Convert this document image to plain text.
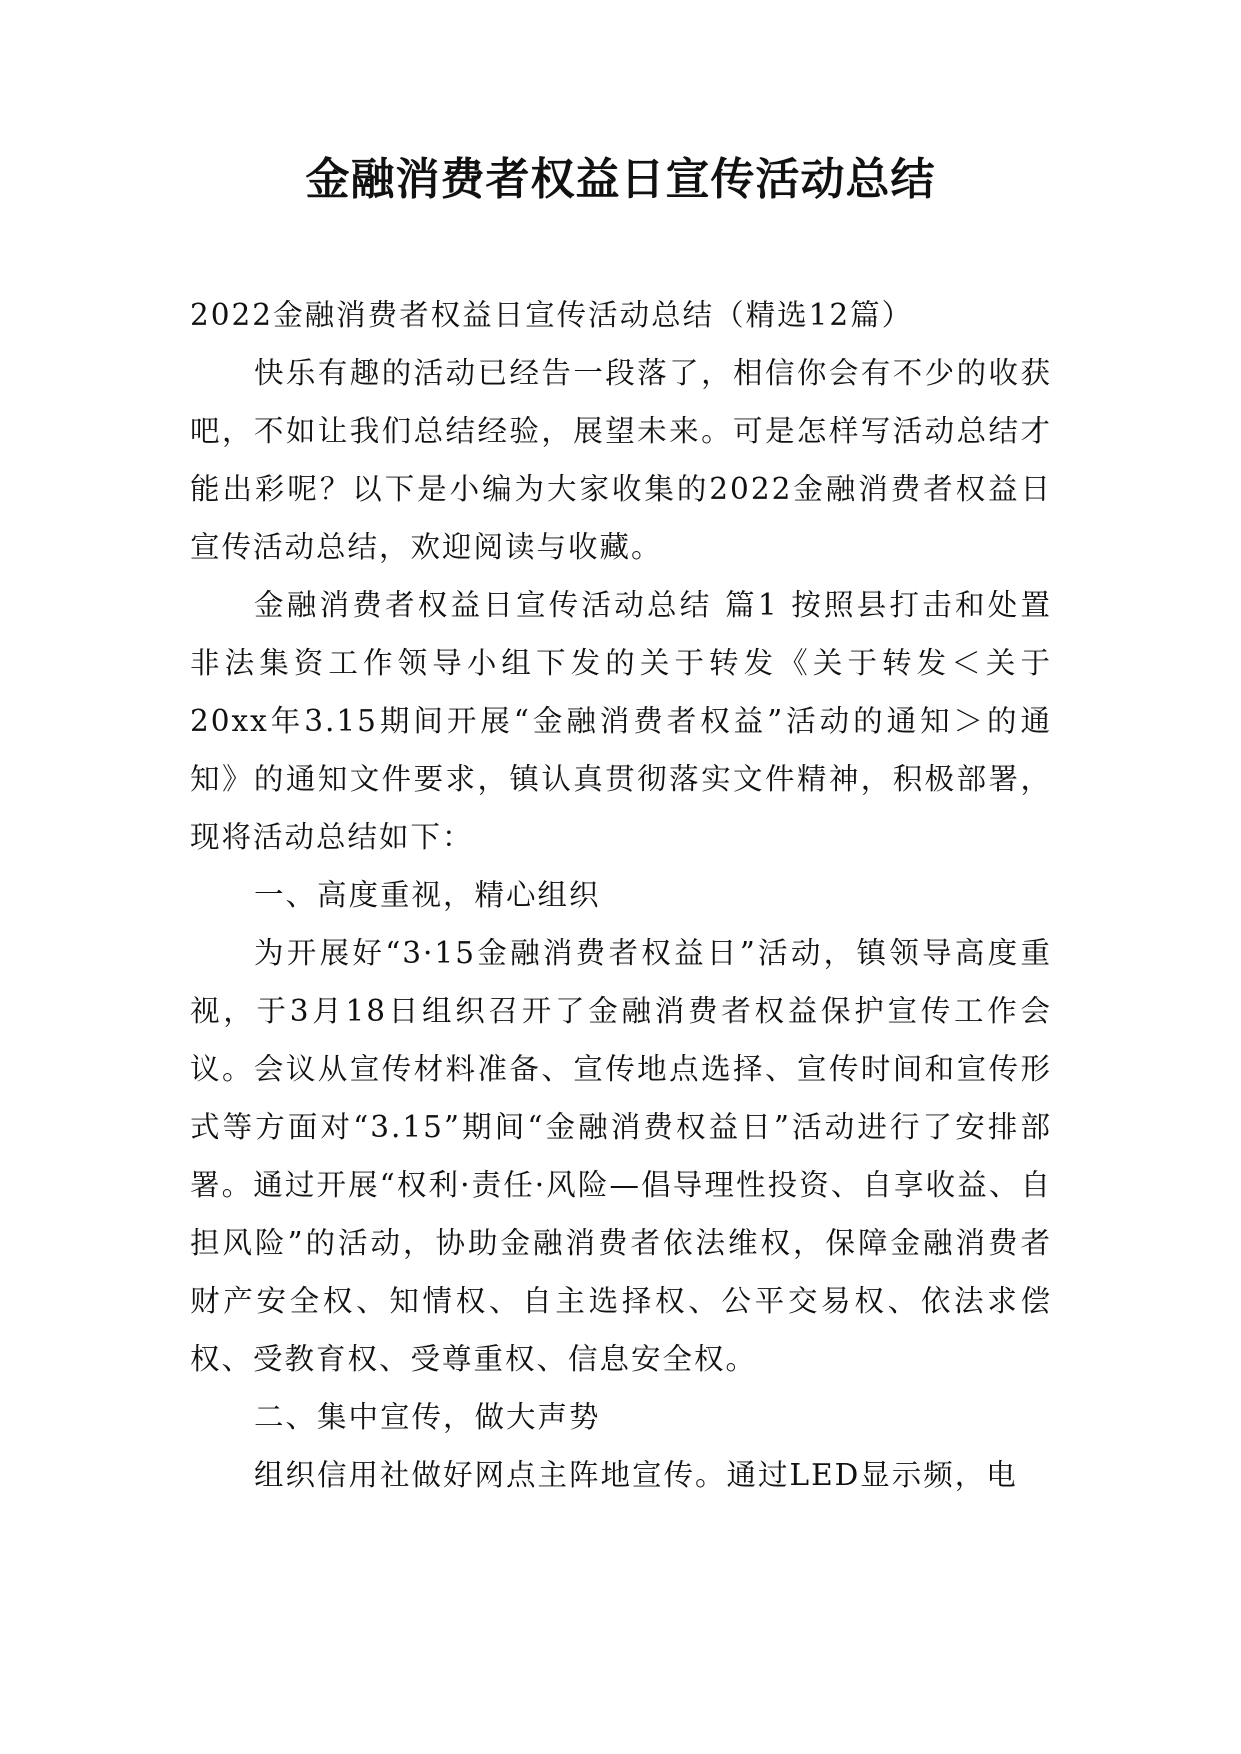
金融消费者权益日宣传活动总结

2022金融消费者权益日宣传活动总结（精选12篇）

快乐有趣的活动已经告一段落了，相信你会有不少的收获吧，不如让我们总结经验，展望未来。可是怎样写活动总结才能出彩呢？以下是小编为大家收集的2022金融消费者权益日宣传活动总结，欢迎阅读与收藏。

金融消费者权益日宣传活动总结 篇1 按照县打击和处置非法集资工作领导小组下发的关于转发《关于转发＜关于20xx年3.15期间开展“金融消费者权益”活动的通知＞的通知》的通知文件要求，镇认真贯彻落实文件精神，积极部署，现将活动总结如下：

一、高度重视，精心组织

为开展好“3·15金融消费者权益日”活动，镇领导高度重视，于3月18日组织召开了金融消费者权益保护宣传工作会议。会议从宣传材料准备、宣传地点选择、宣传时间和宣传形式等方面对“3.15”期间“金融消费权益日”活动进行了安排部署。通过开展“权利·责任·风险—倡导理性投资、自享收益、自担风险”的活动，协助金融消费者依法维权，保障金融消费者财产安全权、知情权、自主选择权、公平交易权、依法求偿权、受教育权、受尊重权、信息安全权。

二、集中宣传，做大声势

组织信用社做好网点主阵地宣传。通过LED显示频，电
